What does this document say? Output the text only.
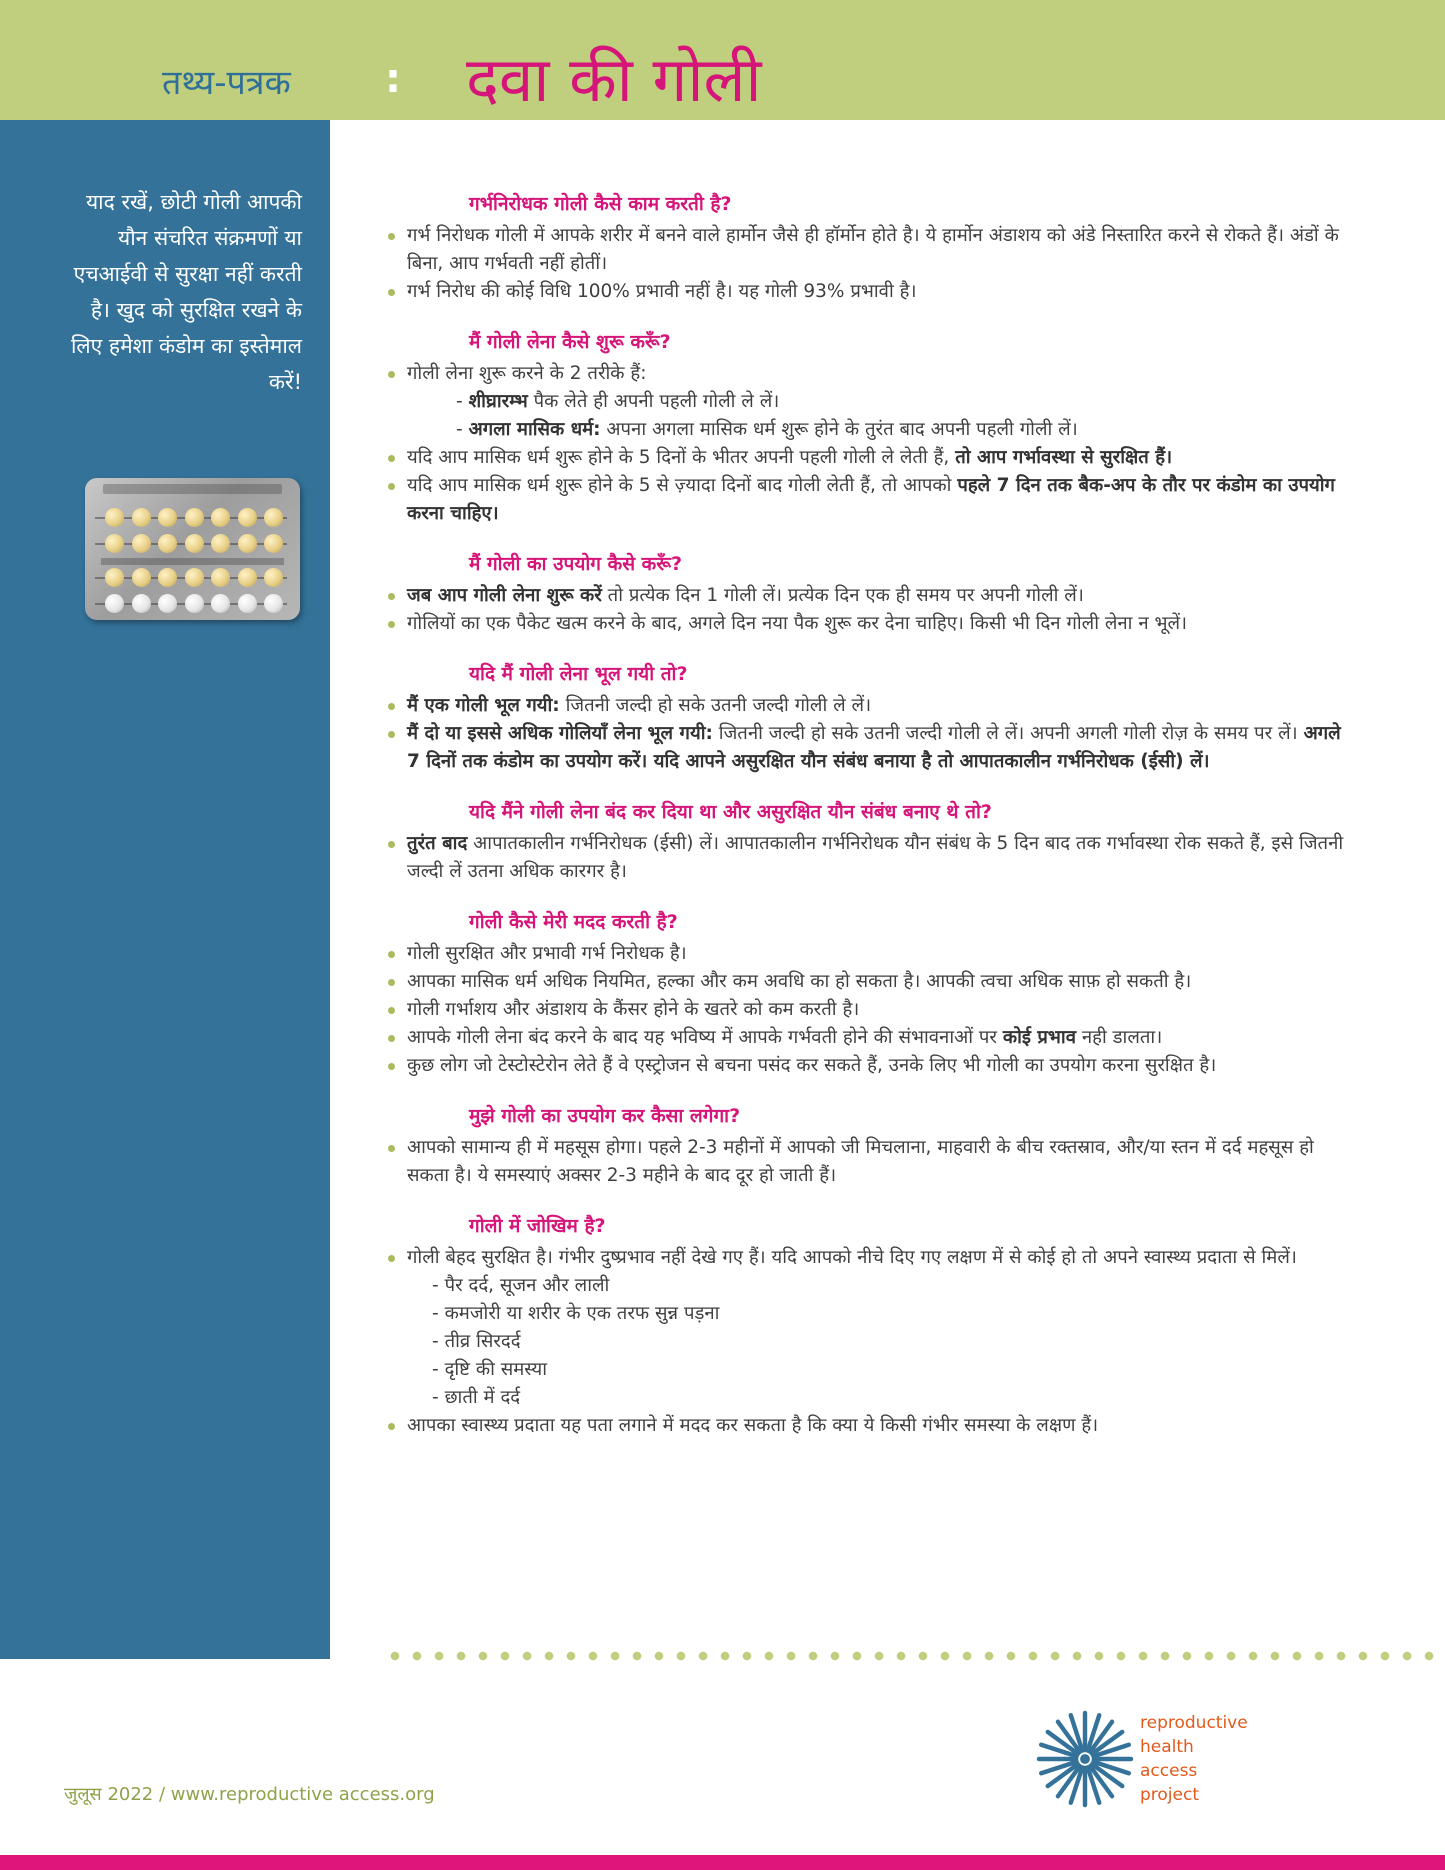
तथ्य-पत्रक : दवा की गोली
याद रखें, छोटी गोली आपकी यौन संचरित संक्रमणों या एचआईवी से सुरक्षा नहीं करती है। खुद को सुरक्षित रखने के लिए हमेशा कंडोम का इस्तेमाल करें!
गर्भनिरोधक गोली कैसे काम करती है?
गर्भ निरोधक गोली में आपके शरीर में बनने वाले हार्मोन जैसे ही हॉर्मोन होते है। ये हार्मोन अंडाशय को अंडे निस्तारित करने से रोकते हैं। अंडों के बिना, आप गर्भवती नहीं होतीं।
गर्भ निरोध की कोई विधि 100% प्रभावी नहीं है। यह गोली 93% प्रभावी है।
मैं गोली लेना कैसे शुरू करूँ?
गोली लेना शुरू करने के 2 तरीके हैं:
- शीघ्रारम्भ पैक लेते ही अपनी पहली गोली ले लें।
- अगला मासिक धर्म: अपना अगला मासिक धर्म शुरू होने के तुरंत बाद अपनी पहली गोली लें।
यदि आप मासिक धर्म शुरू होने के 5 दिनों के भीतर अपनी पहली गोली ले लेती हैं, तो आप गर्भावस्था से सुरक्षित हैं।
यदि आप मासिक धर्म शुरू होने के 5 से ज़्यादा दिनों बाद गोली लेती हैं, तो आपको पहले 7 दिन तक बैक-अप के तौर पर कंडोम का उपयोग करना चाहिए।
मैं गोली का उपयोग कैसे करूँ?
जब आप गोली लेना शुरू करें तो प्रत्येक दिन 1 गोली लें। प्रत्येक दिन एक ही समय पर अपनी गोली लें।
गोलियों का एक पैकेट खत्म करने के बाद, अगले दिन नया पैक शुरू कर देना चाहिए। किसी भी दिन गोली लेना न भूलें।
यदि मैं गोली लेना भूल गयी तो?
मैं एक गोली भूल गयी: जितनी जल्दी हो सके उतनी जल्दी गोली ले लें।
मैं दो या इससे अधिक गोलियाँ लेना भूल गयी: जितनी जल्दी हो सके उतनी जल्दी गोली ले लें। अपनी अगली गोली रोज़ के समय पर लें। अगले 7 दिनों तक कंडोम का उपयोग करें। यदि आपने असुरक्षित यौन संबंध बनाया है तो आपातकालीन गर्भनिरोधक (ईसी) लें।
यदि मैंने गोली लेना बंद कर दिया था और असुरक्षित यौन संबंध बनाए थे तो?
तुरंत बाद आपातकालीन गर्भनिरोधक (ईसी) लें। आपातकालीन गर्भनिरोधक यौन संबंध के 5 दिन बाद तक गर्भावस्था रोक सकते हैं, इसे जितनी जल्दी लें उतना अधिक कारगर है।
गोली कैसे मेरी मदद करती है?
गोली सुरक्षित और प्रभावी गर्भ निरोधक है।
आपका मासिक धर्म अधिक नियमित, हल्का और कम अवधि का हो सकता है। आपकी त्वचा अधिक साफ़ हो सकती है।
गोली गर्भाशय और अंडाशय के कैंसर होने के खतरे को कम करती है।
आपके गोली लेना बंद करने के बाद यह भविष्य में आपके गर्भवती होने की संभावनाओं पर कोई प्रभाव नही डालता।
कुछ लोग जो टेस्टोस्टेरोन लेते हैं वे एस्ट्रोजन से बचना पसंद कर सकते हैं, उनके लिए भी गोली का उपयोग करना सुरक्षित है।
मुझे गोली का उपयोग कर कैसा लगेगा?
आपको सामान्य ही में महसूस होगा। पहले 2-3 महीनों में आपको जी मिचलाना, माहवारी के बीच रक्तस्राव, और/या स्तन में दर्द महसूस हो सकता है। ये समस्याएं अक्सर 2-3 महीने के बाद दूर हो जाती हैं।
गोली में जोखिम है?
गोली बेहद सुरक्षित है। गंभीर दुष्प्रभाव नहीं देखे गए हैं। यदि आपको नीचे दिए गए लक्षण में से कोई हो तो अपने स्वास्थ्य प्रदाता से मिलें।
- पैर दर्द, सूजन और लाली
- कमजोरी या शरीर के एक तरफ सुन्न पड़ना
- तीव्र सिरदर्द
- दृष्टि की समस्या
- छाती में दर्द
आपका स्वास्थ्य प्रदाता यह पता लगाने में मदद कर सकता है कि क्या ये किसी गंभीर समस्या के लक्षण हैं।
जुलूस 2022 / www.reproductive access.org
reproductive
health
access
project
